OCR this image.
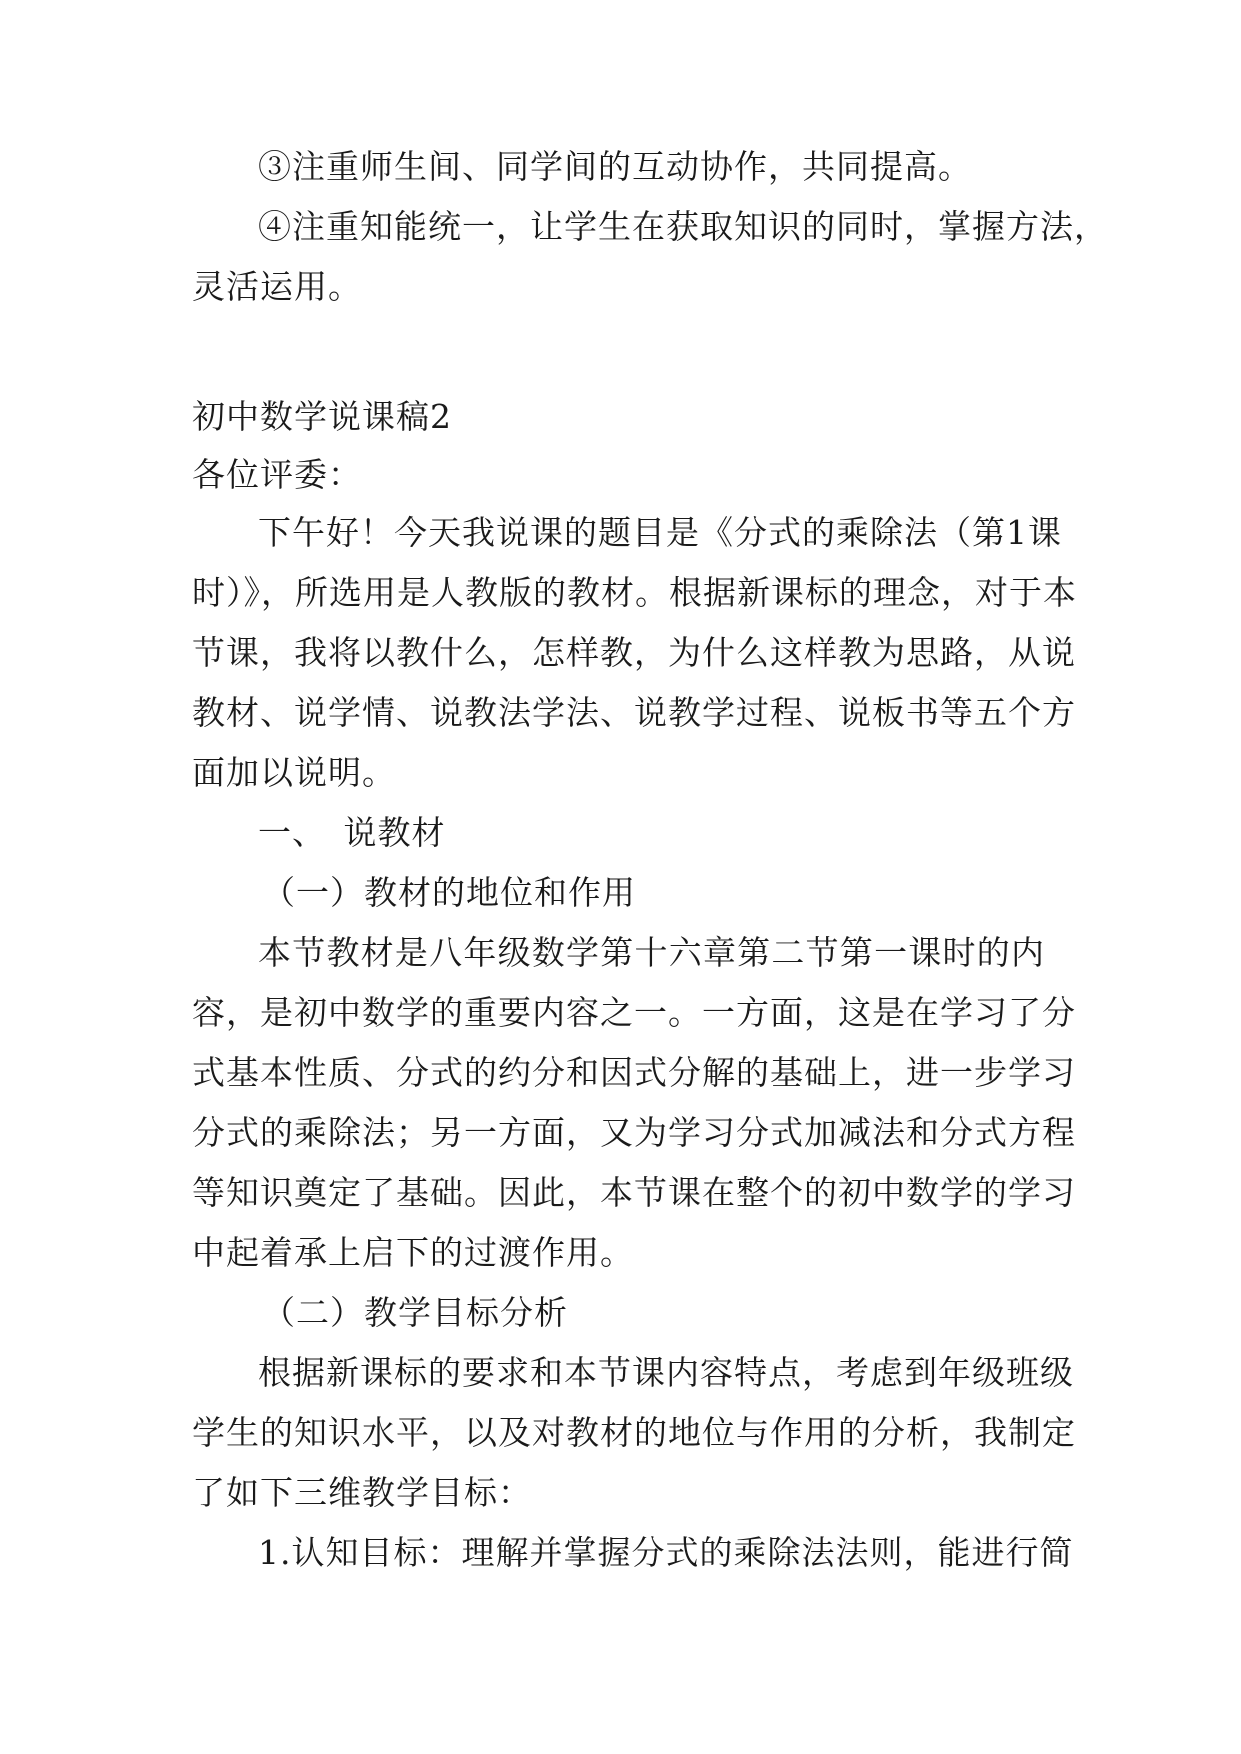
③注重师生间、同学间的互动协作，共同提高。
④注重知能统一，让学生在获取知识的同时，掌握方法，
灵活运用。
初中数学说课稿2
各位评委：
下午好！今天我说课的题目是《分式的乘除法（第1课
时）》，所选用是人教版的教材。根据新课标的理念，对于本
节课，我将以教什么，怎样教，为什么这样教为思路，从说
教材、说学情、说教法学法、说教学过程、说板书等五个方
面加以说明。
一、　说教材
（一）教材的地位和作用
本节教材是八年级数学第十六章第二节第一课时的内
容，是初中数学的重要内容之一。一方面，这是在学习了分
式基本性质、分式的约分和因式分解的基础上，进一步学习
分式的乘除法；另一方面，又为学习分式加减法和分式方程
等知识奠定了基础。因此，本节课在整个的初中数学的学习
中起着承上启下的过渡作用。
（二）教学目标分析
根据新课标的要求和本节课内容特点，考虑到年级班级
学生的知识水平，以及对教材的地位与作用的分析，我制定
了如下三维教学目标：
1.认知目标：理解并掌握分式的乘除法法则，能进行简
